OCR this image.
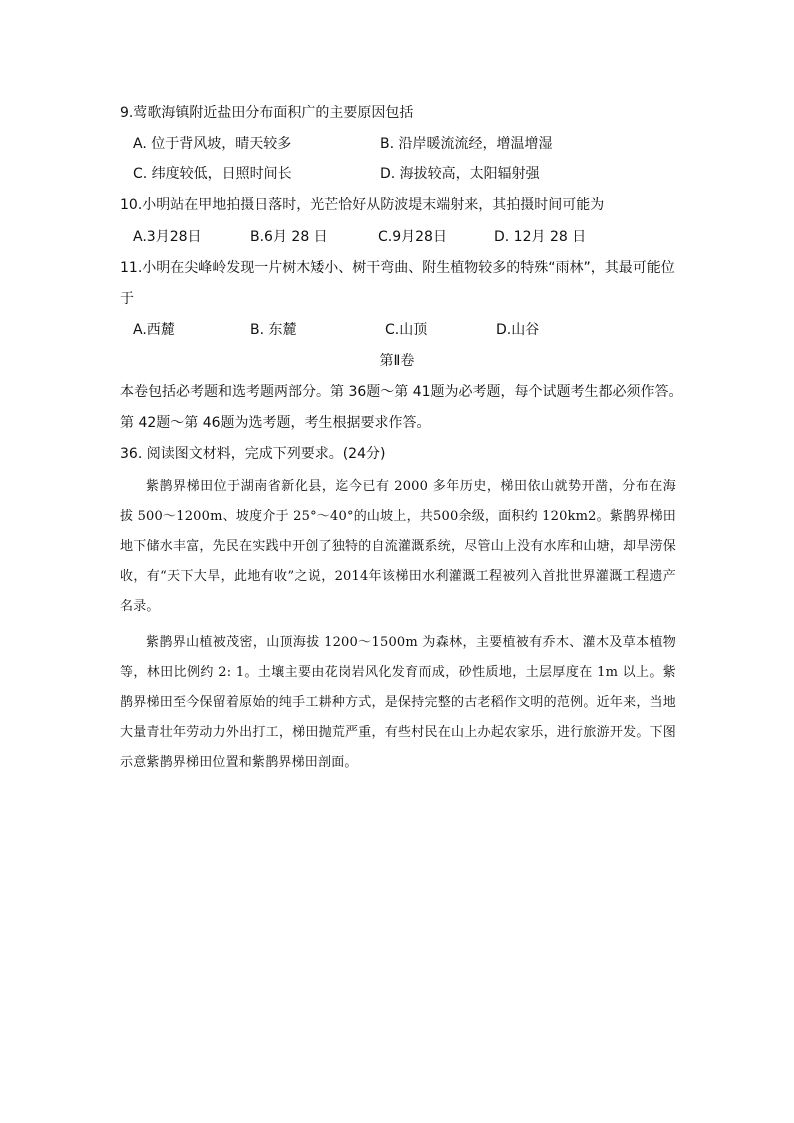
9.莺歌海镇附近盐田分布面积广的主要原因包括
A. 位于背风坡，晴天较多	B. 沿岸暖流流经，增温增湿
C. 纬度较低，日照时间长	D. 海拔较高，太阳辐射强
10.小明站在甲地拍摄日落时，光芒恰好从防波堤末端射来，其拍摄时间可能为
A.3月28日	B.6月 28 日	C.9月28日	D. 12月 28 日
11.小明在尖峰岭发现一片树木矮小、树干弯曲、附生植物较多的特殊“雨林”，其最可能位
于
A.西麓	B. 东麓	C.山顶	D.山谷
第Ⅱ卷
本卷包括必考题和选考题两部分。第 36题～第 41题为必考题，每个试题考生都必须作答。
第 42题～第 46题为选考题，考生根据要求作答。
36. 阅读图文材料，完成下列要求。(24分)

紫鹊界梯田位于湖南省新化县，迄今已有 2000 多年历史，梯田依山就势开凿，分布在海拔 500～1200m、坡度介于 25°～40°的山坡上，共500余级，面积约 120km2。紫鹊界梯田地下储水丰富，先民在实践中开创了独特的自流灌溉系统，尽管山上没有水库和山塘，却旱涝保收，有“天下大旱，此地有收”之说，2014年该梯田水利灌溉工程被列入首批世界灌溉工程遗产名录。

紫鹊界山植被茂密，山顶海拔 1200～1500m 为森林，主要植被有乔木、灌木及草本植物等，林田比例约 2: 1。土壤主要由花岗岩风化发育而成，砂性质地，土层厚度在 1m 以上。紫鹊界梯田至今保留着原始的纯手工耕种方式，是保持完整的古老稻作文明的范例。近年来，当地大量青壮年劳动力外出打工，梯田抛荒严重，有些村民在山上办起农家乐，进行旅游开发。下图示意紫鹊界梯田位置和紫鹊界梯田剖面。
